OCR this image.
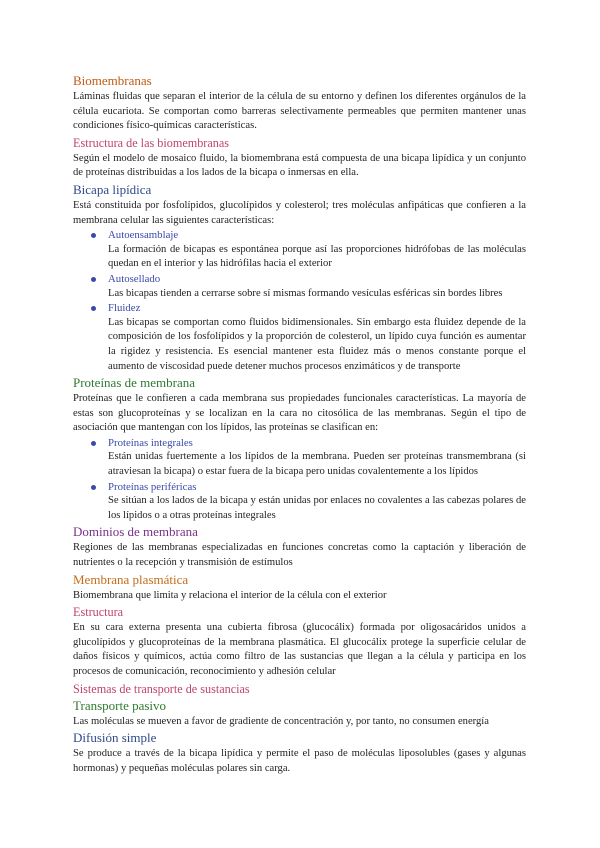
Biomembranas

Láminas fluidas que separan el interior de la célula de su entorno y definen los diferentes orgánulos de la célula eucariota. Se comportan como barreras selectivamente permeables que permiten mantener unas condiciones físico-químicas características.

Estructura de las biomembranas

Según el modelo de mosaico fluido, la biomembrana está compuesta de una bicapa lipídica y un conjunto de proteínas distribuidas a los lados de la bicapa o inmersas en ella.

Bicapa lipídica

Está constituida por fosfolípidos, glucolípidos y colesterol; tres moléculas anfipáticas que confieren a la membrana celular las siguientes características:

Autoensamblaje

La formación de bicapas es espontánea porque así las proporciones hidrófobas de las moléculas quedan en el interior y las hidrófilas hacia el exterior

Autosellado

Las bicapas tienden a cerrarse sobre sí mismas formando vesículas esféricas sin bordes libres

Fluidez

Las bicapas se comportan como fluidos bidimensionales. Sin embargo esta fluidez depende de la composición de los fosfolípidos y la proporción de colesterol, un lípido cuya función es aumentar la rigidez y resistencia. Es esencial mantener esta fluidez más o menos constante porque el aumento de viscosidad puede detener muchos procesos enzimáticos y de transporte

Proteínas de membrana

Proteínas que le confieren a cada membrana sus propiedades funcionales características. La mayoría de estas son glucoproteínas y se localizan en la cara no citosólica de las membranas. Según el tipo de asociación que mantengan con los lípidos, las proteínas se clasifican en:

Proteínas integrales

Están unidas fuertemente a los lípidos de la membrana. Pueden ser proteínas transmembrana (si atraviesan la bicapa) o estar fuera de la bicapa pero unidas covalentemente a los lípidos

Proteínas periféricas

Se sitúan a los lados de la bicapa y están unidas por enlaces no covalentes a las cabezas polares de los lípidos o a otras proteínas integrales

Dominios de membrana

Regiones de las membranas especializadas en funciones concretas como la captación y liberación de nutrientes o la recepción y transmisión de estímulos

Membrana plasmática

Biomembrana que limita y relaciona el interior de la célula con el exterior

Estructura

En su cara externa presenta una cubierta fibrosa (glucocálix) formada por oligosacáridos unidos a glucolípidos y glucoproteínas de la membrana plasmática. El glucocálix protege la superficie celular de daños físicos y químicos, actúa como filtro de las sustancias que llegan a la célula y participa en los procesos de comunicación, reconocimiento y adhesión celular

Sistemas de transporte de sustancias
Transporte pasivo

Las moléculas se mueven a favor de gradiente de concentración y, por tanto, no consumen energía

Difusión simple

Se produce a través de la bicapa lipídica y permite el paso de moléculas liposolubles (gases y algunas hormonas) y pequeñas moléculas polares sin carga.
